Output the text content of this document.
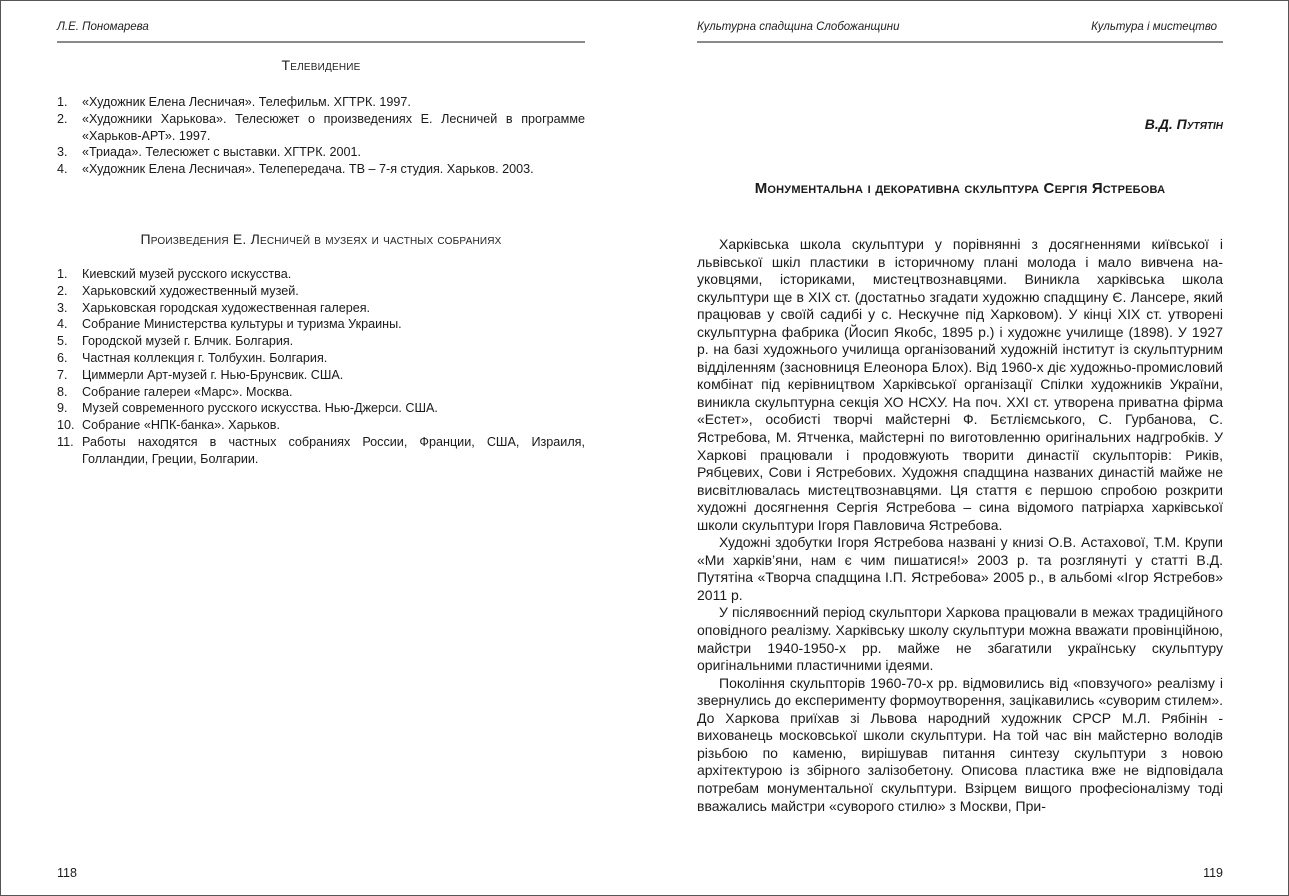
Л.Е. Пономарева
Телевидение
1.	«Художник Елена Лесничая». Телефильм. ХГТРК. 1997.
2.	«Художники Харькова». Телесюжет о произведениях Е. Лесничей в программе «Харьков-АРТ». 1997.
3.	«Триада». Телесюжет с выставки. ХГТРК. 2001.
4.	«Художник Елена Лесничая». Телепередача. ТВ – 7-я студия. Харьков. 2003.
Произведения Е. Лесничей в музеях и частных собраниях
1.	Киевский музей русского искусства.
2.	Харьковский художественный музей.
3.	Харьковская городская художественная галерея.
4.	Собрание Министерства культуры и туризма Украины.
5.	Городской музей г. Блчик. Болгария.
6.	Частная коллекция г. Толбухин. Болгария.
7.	Циммерли Арт-музей г. Нью-Брунсвик. США.
8.	Собрание галереи «Марс». Москва.
9.	Музей современного русского искусства. Нью-Джерси. США.
10. Собрание «НПК-банка». Харьков.
11. Работы находятся в частных собраниях России, Франции, США, Израиля, Голландии, Греции, Болгарии.
118
Культурна спадщина Слобожанщини	Культура і мистецтво
В.Д. Путятін
Монументальна і декоративна скульптура Сергія Ястребова

Харківська школа скульптури у порівнянні з досягненнями київської і львівської шкіл пластики в історичному плані молода і мало вивчена науковцями, істориками, мистецтвознавцями. Виникла харківська школа скульптури ще в XIX ст. (достатньо згадати художню спадщину Є. Лансере, який працював у своїй садибі у с. Нескучне під Харковом). У кінці XIX ст. утворені скульптурна фабрика (Йосип Якобс, 1895 р.) і художнє училище (1898). У 1927 р. на базі художнього училища організований художній інститут із скульптурним відділенням (засновниця Елеонора Блох). Від 1960-х діє художньо-промисловий комбінат під керівництвом Харківської організації Спілки художників України, виникла скульптурна секція ХО НСХУ. На поч. XXI ст. утворена приватна фірма «Естет», особисті творчі майстерні Ф. Бєтліємського, С. Гурбанова, С. Ястребова, М. Ятченка, майстерні по виготовленню оригінальних надгробків. У Харкові працювали і продовжують творити династії скульпторів: Риків, Рябцевих, Сови і Ястребових. Художня спадщина названих династій майже не висвітлювалась мистецтвознавцями. Ця стаття є першою спробою розкрити художні досягнення Сергія Ястребова – сина відомого патріарха харківської школи скульптури Ігоря Павловича Ястребова.

Художні здобутки Ігоря Ястребова названі у книзі О.В. Астахової, Т.М. Крупи «Ми харків’яни, нам є чим пишатися!» 2003 р. та розглянуті у статті В.Д. Путятіна «Творча спадщина І.П. Ястребова» 2005 р., в альбомі «Ігор Ястребов» 2011 р.

У післявоєнний період скульптори Харкова працювали в межах традиційного оповідного реалізму. Харківську школу скульптури можна вважати провінційною, майстри 1940-1950-х рр. майже не збагатили українську скульптуру оригінальними пластичними ідеями.

Покоління скульпторів 1960-70-х рр. відмовились від «повзучого» реалізму і звернулись до експерименту формоутворення, зацікавились «суворим стилем». До Харкова приїхав зі Львова народний художник СРСР М.Л. Рябінін - вихованець московської школи скульптури. На той час він майстерно володів різьбою по каменю, вирішував питання синтезу скульптури з новою архітектурою із збірного залізобетону. Описова пластика вже не відповідала потребам монументальної скульптури. Взірцем вищого професіоналізму тоді вважались майстри «суворого стилю» з Москви, При-

119
